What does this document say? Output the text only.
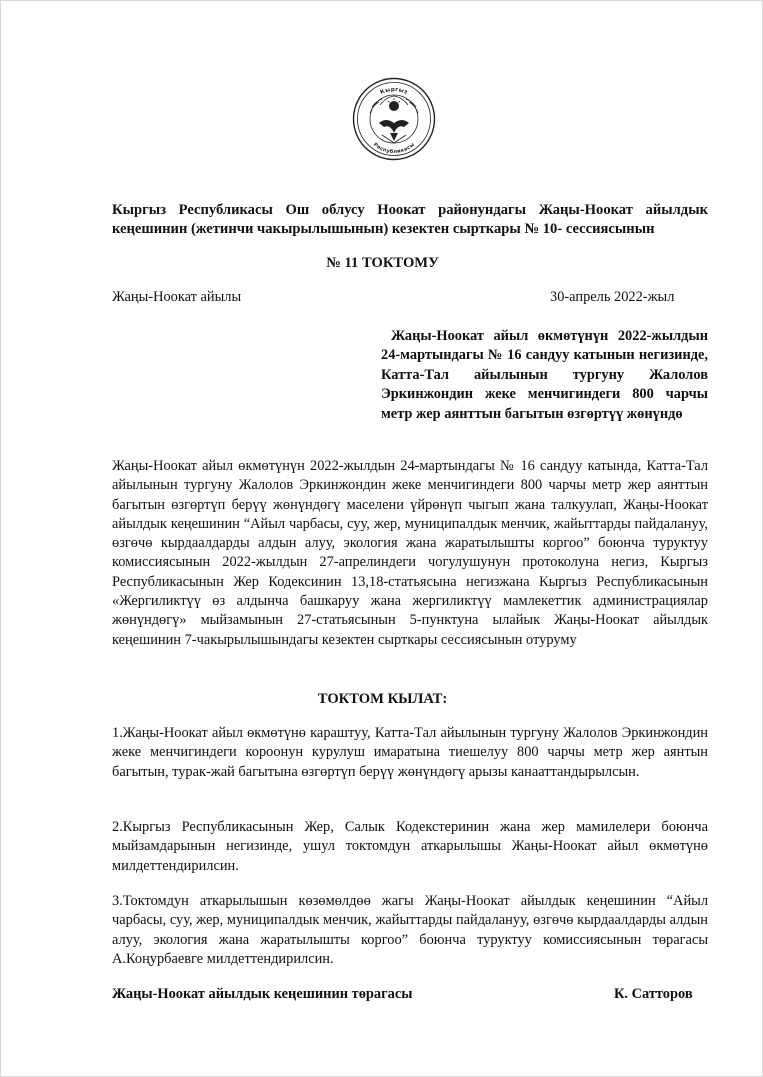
Кыргыз
Республикасы
Кыргыз Республикасы Ош облусу Ноокат районундагы Жаңы-Ноокат айылдык кеңешинин (жетинчи чакырылышынын) кезектен сырткары № 10- сессиясынын
№ 11 ТОКТОМУ
Жаңы-Ноокат айылы	30-апрель 2022-жыл
Жаңы-Ноокат айыл өкмөтүнүн 2022-жылдын 24-мартындагы № 16 сандуу катынын негизинде, Катта-Тал айылынын тургуну Жалолов Эркинжондин жеке менчигиндеги 800 чарчы метр жер аянттын багытын өзгөртүү жөнүндө
Жаңы-Ноокат айыл өкмөтүнүн 2022-жылдын 24-мартындагы № 16 сандуу катында, Катта-Тал айылынын тургуну Жалолов Эркинжондин жеке менчигиндеги 800 чарчы метр жер аянттын багытын өзгөртүп берүү жөнүндөгү маселени үйрөнүп чыгып жана талкуулап, Жаңы-Ноокат айылдык кеңешинин “Айыл чарбасы, суу, жер, муниципалдык менчик, жайыттарды пайдалануу, өзгөчө кырдаалдарды алдын алуу, экология жана жаратылышты коргоо” боюнча туруктуу комиссиясынын 2022-жылдын 27-апрелиндеги чогулушунун протоколуна негиз, Кыргыз Республикасынын Жер Кодексинин 13,18-статьясына негизжана Кыргыз Республикасынын «Жергиликтүү өз алдынча башкаруу жана жергиликтүү мамлекеттик администрациялар жөнүндөгү» мыйзамынын 27-статьясынын 5-пунктуна ылайык Жаңы-Ноокат айылдык кеңешинин 7-чакырылышындагы кезектен сырткары сессиясынын отуруму
ТОКТОМ КЫЛАТ:
1.Жаңы-Ноокат айыл өкмөтүнө караштуу, Катта-Тал айылынын тургуну Жалолов Эркинжондин жеке менчигиндеги короонун курулуш имаратына тиешелуу 800 чарчы метр жер аянтын багытын, турак-жай багытына өзгөртүп берүү жөнүндөгү арызы канааттандырылсын.
2.Кыргыз Республикасынын Жер, Салык Кодекстеринин жана жер мамилелери боюнча мыйзамдарынын негизинде, ушул токтомдун аткарылышы Жаңы-Ноокат айыл өкмөтүнө милдеттендирилсин.
3.Токтомдун аткарылышын көзөмөлдөө жагы Жаңы-Ноокат айылдык кеңешинин “Айыл чарбасы, суу, жер, муниципалдык менчик, жайыттарды пайдалануу, өзгөчө кырдаалдарды алдын алуу, экология жана жаратылышты коргоо” боюнча туруктуу комиссиясынын төрагасы А.Коңурбаевге милдеттендирилсин.
Жаңы-Ноокат айылдык кеңешинин төрагасы	К. Сатторов
